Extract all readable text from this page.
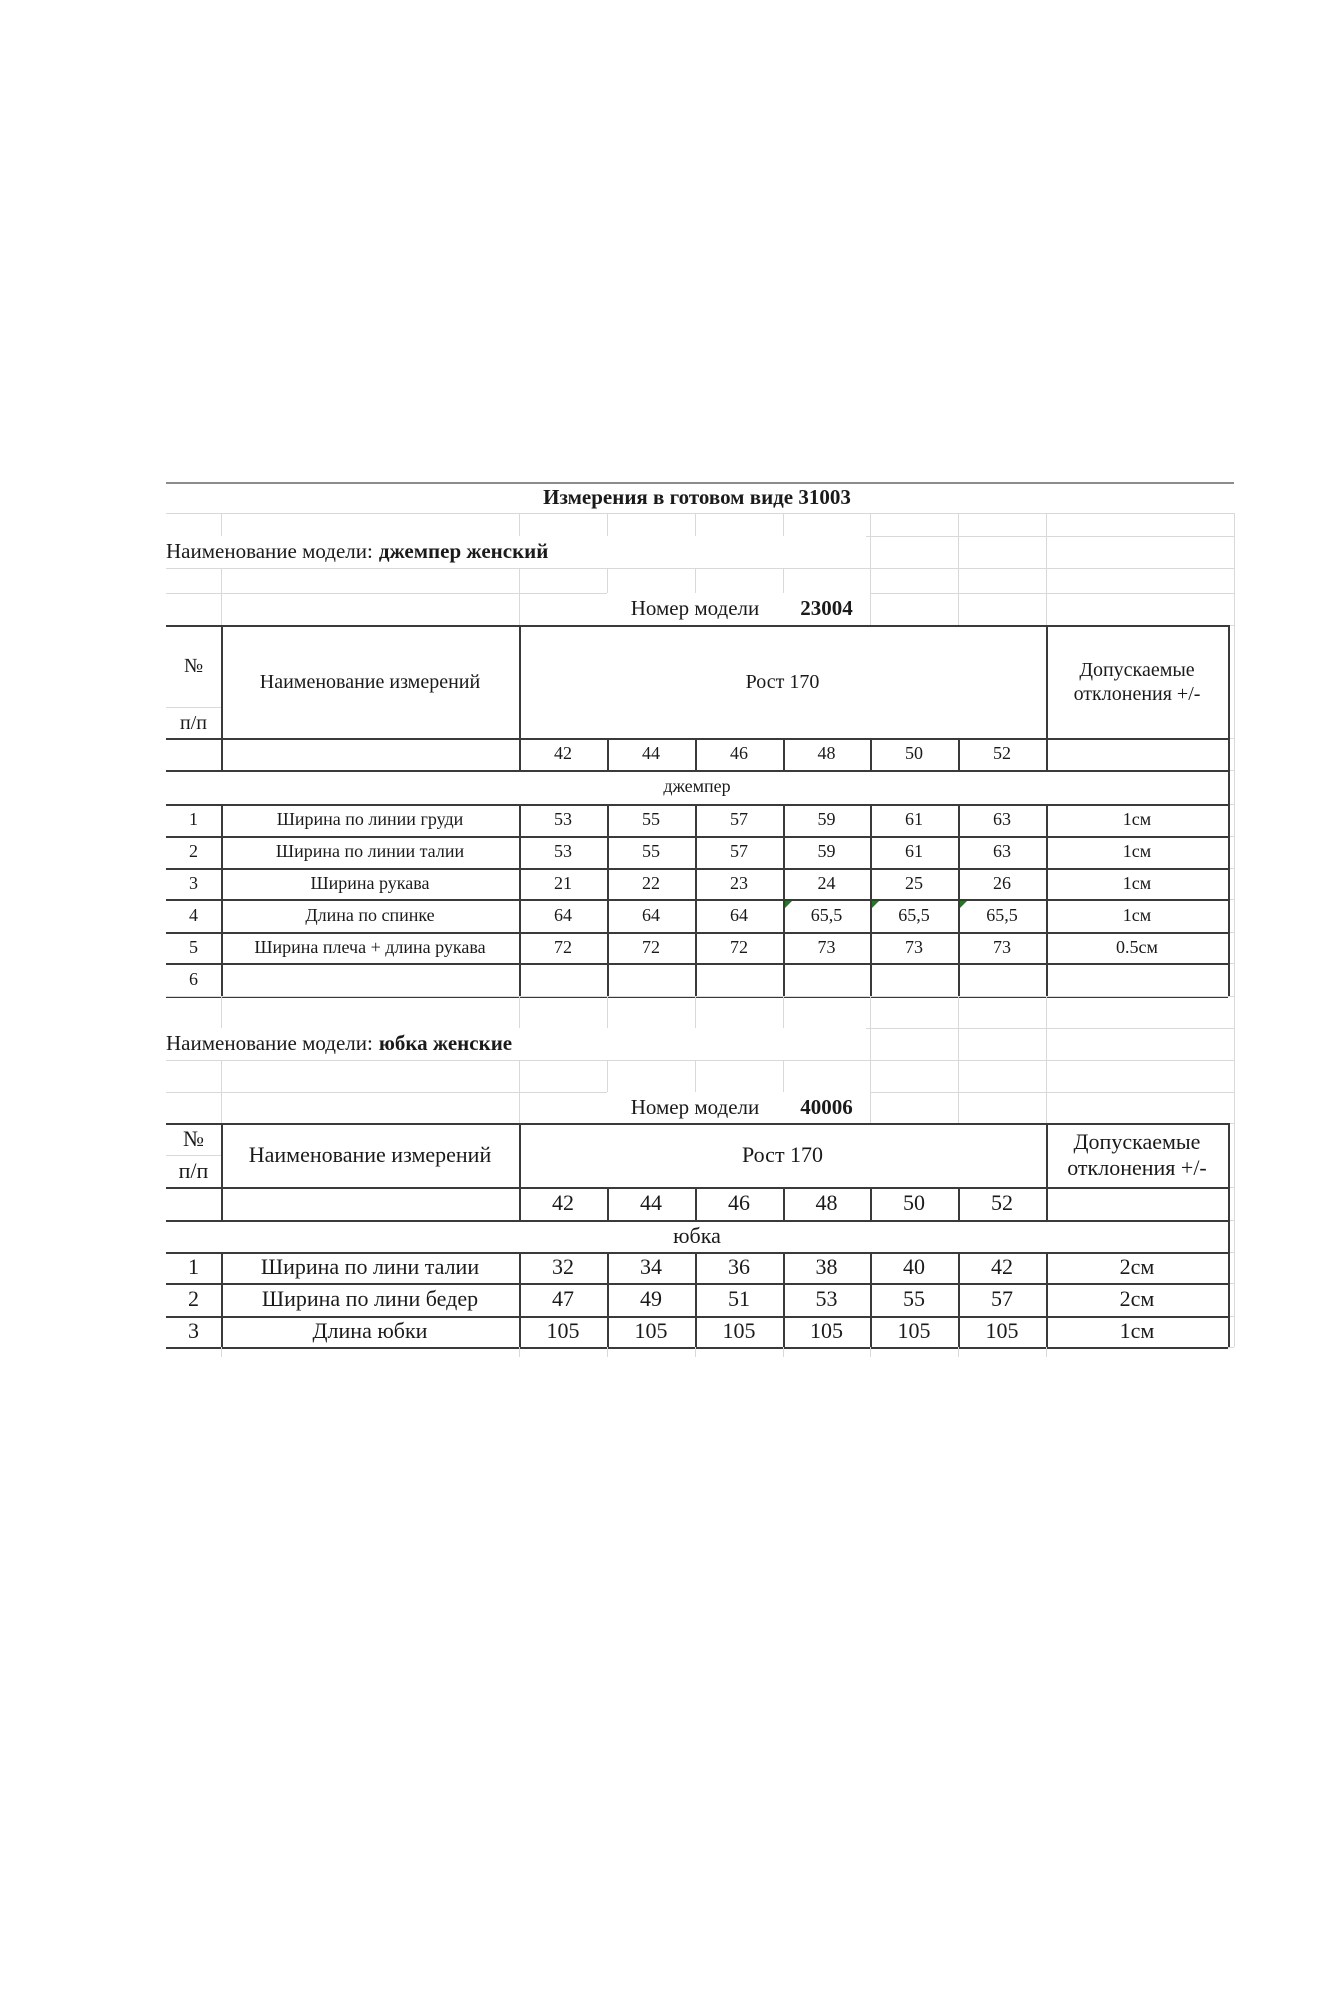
Измерения в готовом виде 31003
Наименование модели: джемпер женский
Номер модели	23004
№
п/п
Наименование измерений	Рост 170
Допускаемые
отклонения +/-
42	44	46	48	50	52
джемпер
1	Ширина по линии груди	53	55	57	59	61	63	1см
2	Ширина по линии талии	53	55	57	59	61	63	1см
3	Ширина рукава	21	22	23	24	25	26	1см
4	Длина по спинке	64	64	64	65,5	65,5	65,5	1см
5	Ширина плеча + длина рукава	72	72	72	73	73	73	0.5см
6
Наименование модели: юбка женские
Номер модели	40006
№
п/п
Наименование измерений	Рост 170
Допускаемые
отклонения +/-
42	44	46	48	50	52
юбка
1	Ширина по лини талии	32	34	36	38	40	42	2см
2	Ширина по лини бедер	47	49	51	53	55	57	2см
3	Длина юбки	105	105	105	105	105	105	1см
